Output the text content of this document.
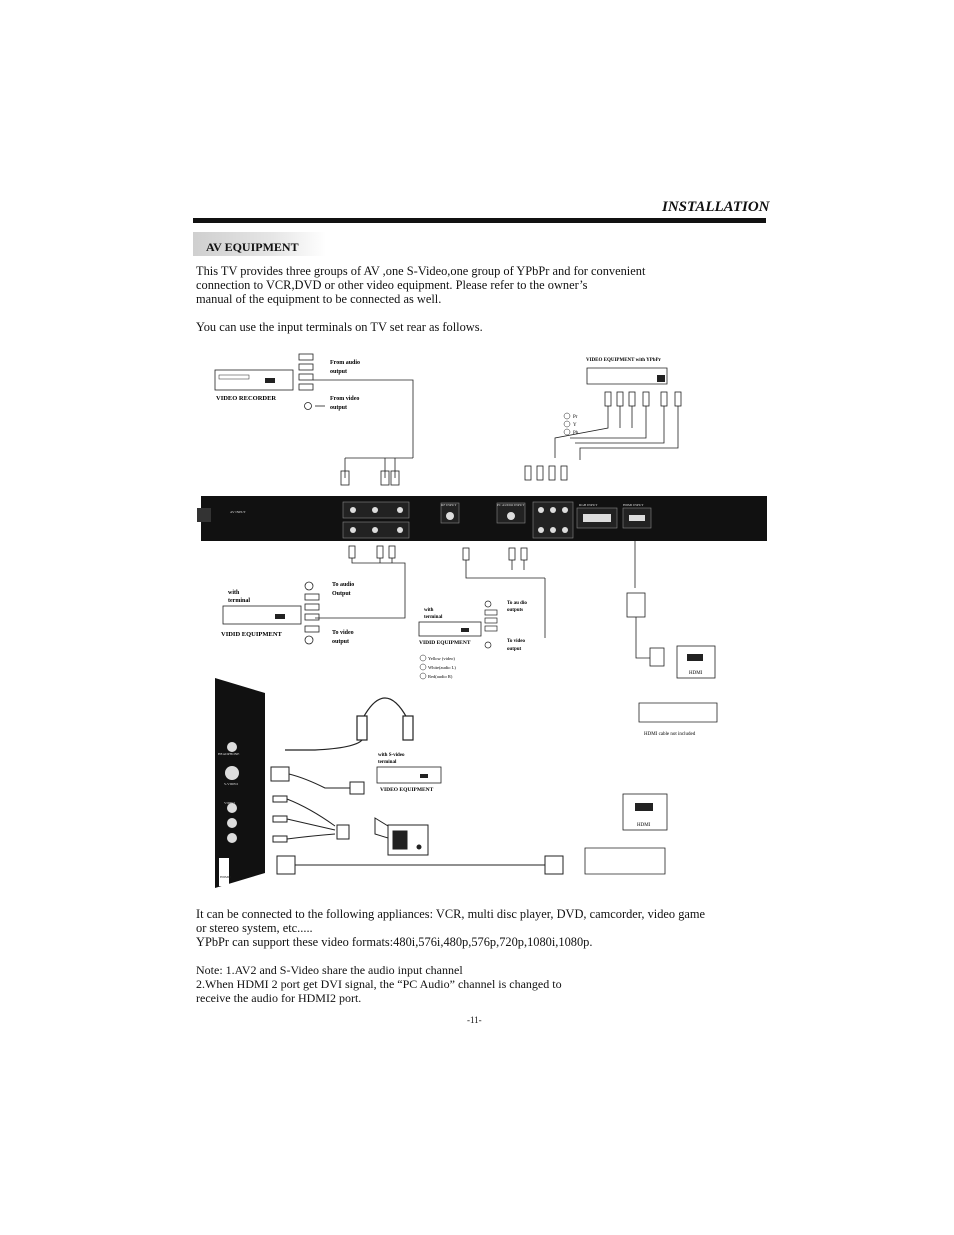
INSTALLATION
AV EQUIPMENT
This TV provides three groups of AV ,one S-Video,one group of YPbPr and for convenient
connection to VCR,DVD or other video equipment. Please refer to the owner’s
manual of the equipment to be connected as well.
You can use the input terminals on TV set rear as follows.
VIDEO RECORDER
From audio
output
From video
output
VIDEO EQUIPMENT with YPbPr
Pr
Y
Pb
AV INPUT
RGB INPUT	HDMI INPUT
PC AUDIO INPUT
RF INPUT
with
terminal
VIDID EQUIPMENT
To audio
Output
To video
output
with
terminal
VIDID EQUIPMENT
To au dio
outputs
To video
output
Yellow (video)
White(audio L)
Red(audio R)
HDMI
HDMI cable not included
HEADPHONE
S-VIDEO
VIDEO
HDMI2
with S-video
terminal
VIDEO EQUIPMENT
HDMI
It can be connected to the following appliances: VCR, multi disc player, DVD, camcorder, video game
or stereo system, etc.....
YPbPr can support these video formats:480i,576i,480p,576p,720p,1080i,1080p.
Note: 1.AV2 and S-Video share the audio input channel
2.When HDMI 2 port get DVI signal, the “PC Audio” channel is changed to
receive the audio for HDMI2 port.
-11-
